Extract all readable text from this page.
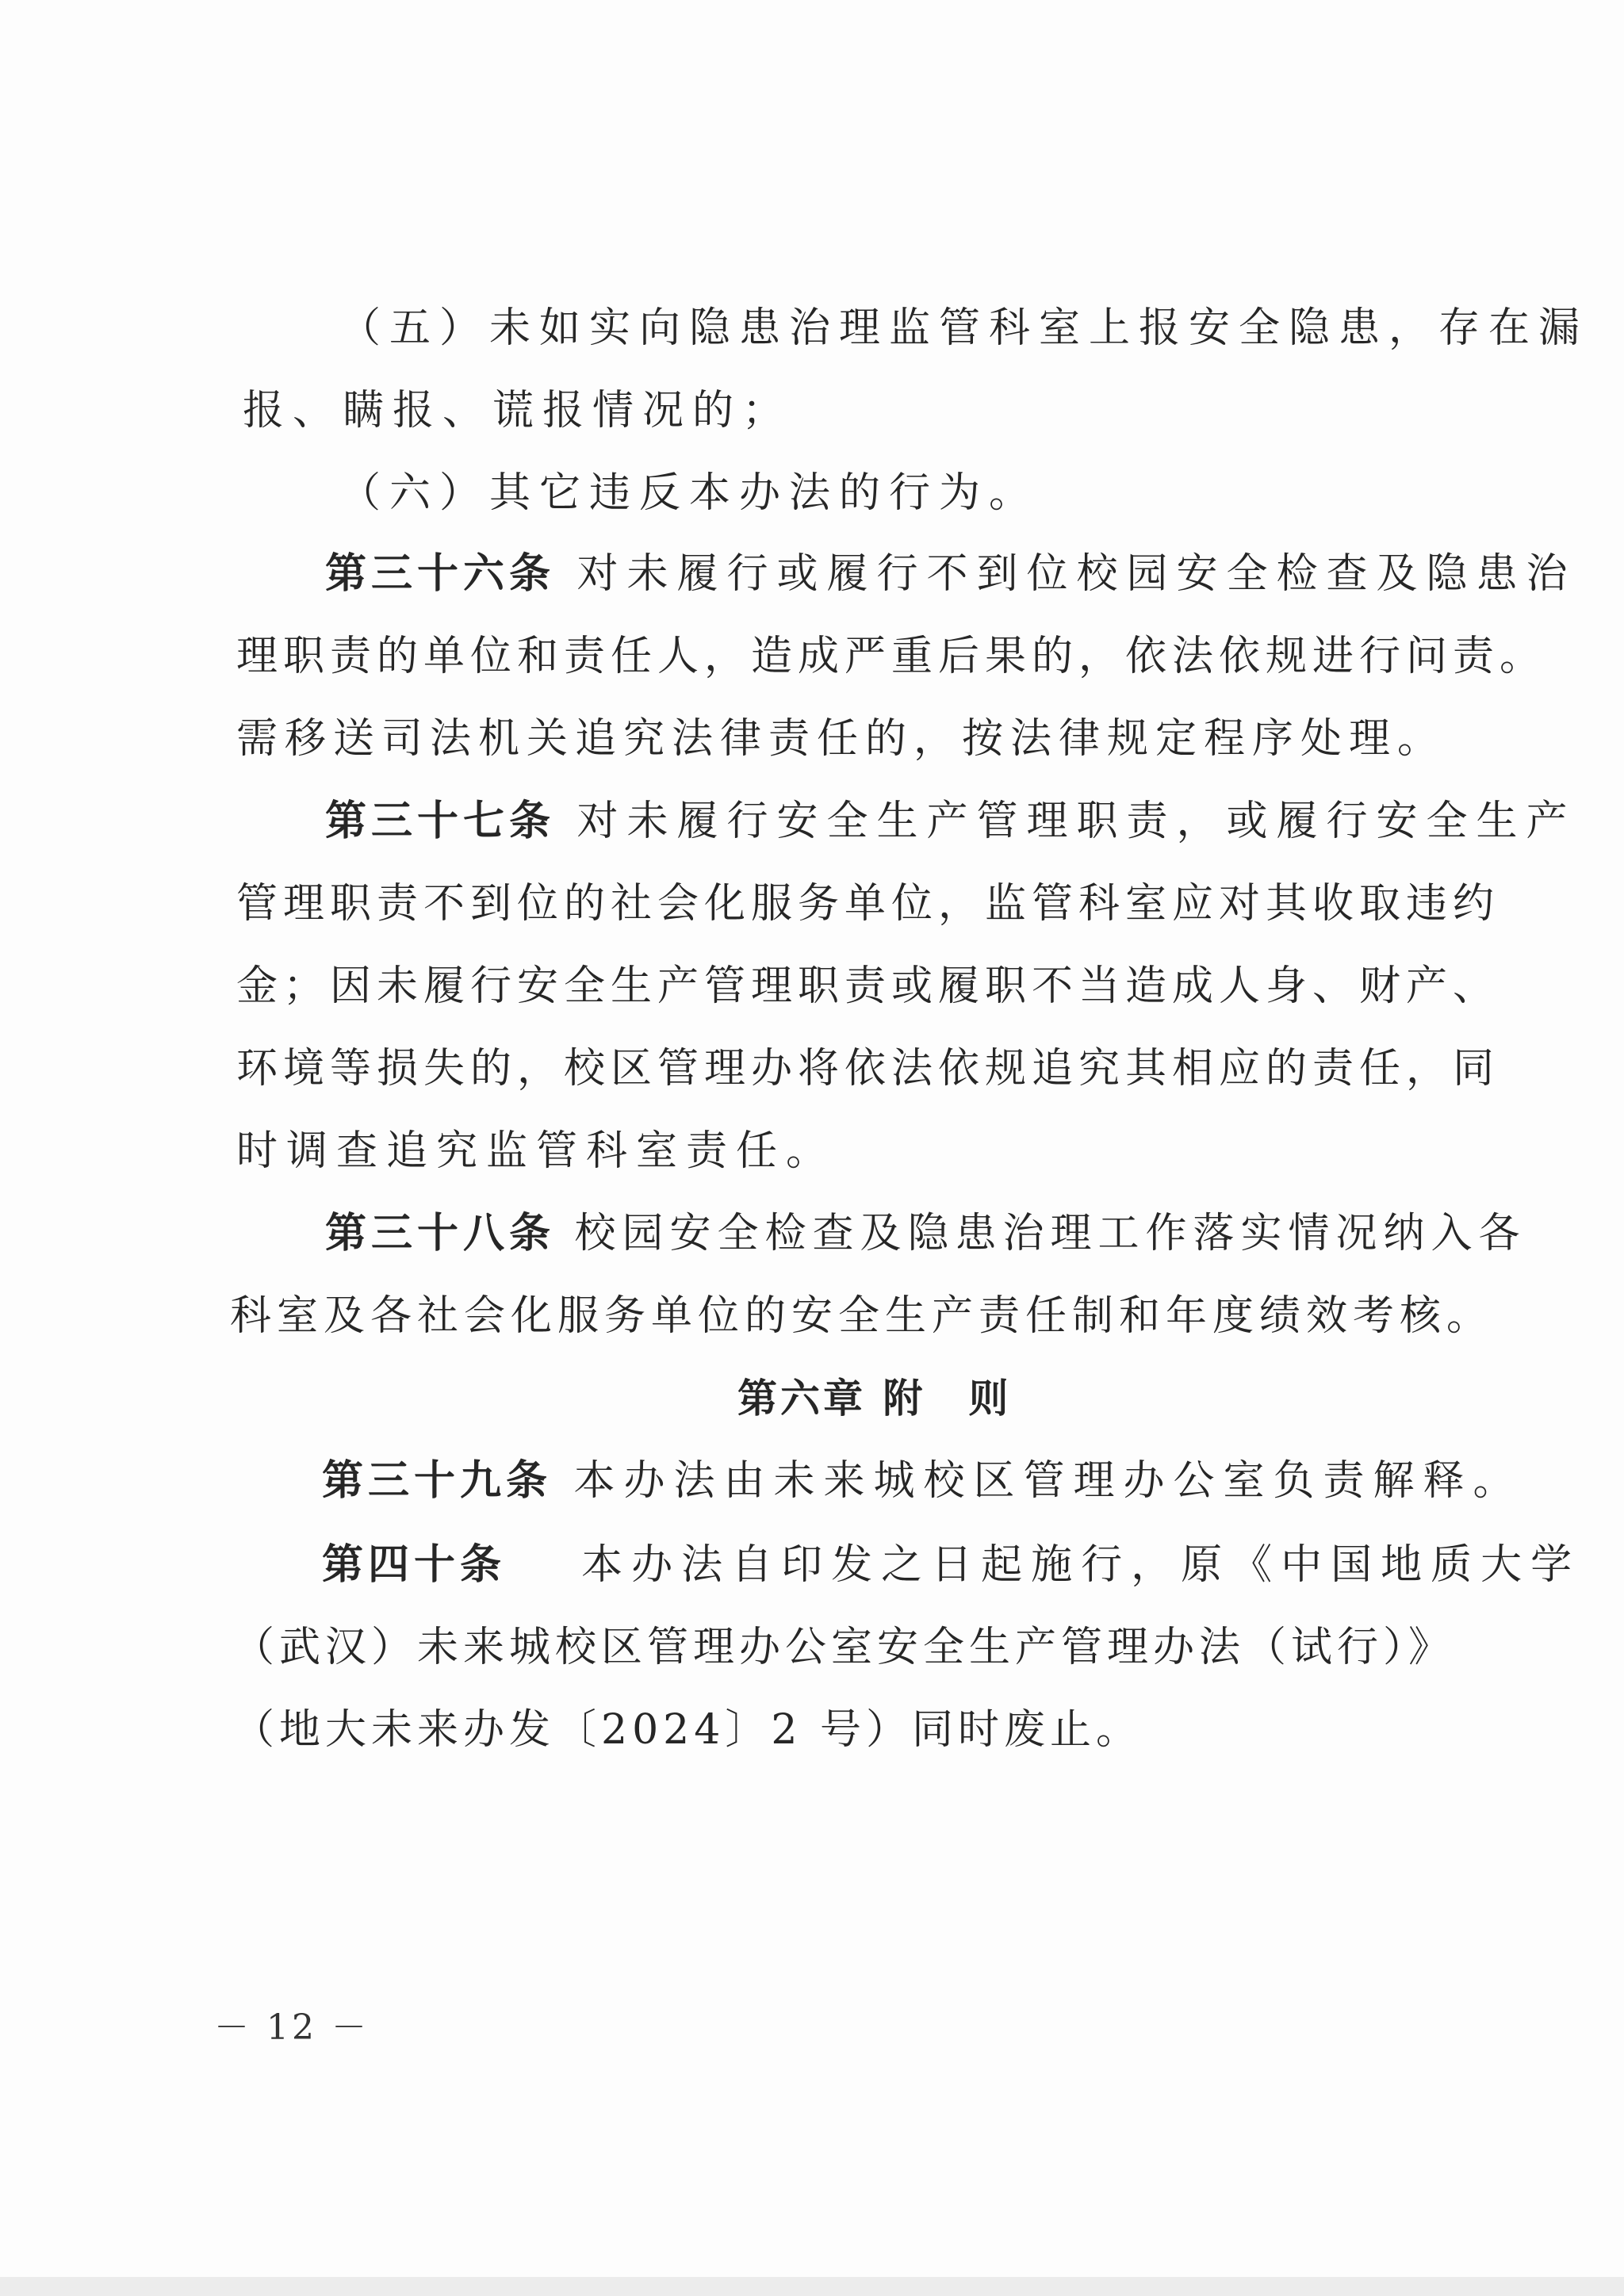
（五）未如实向隐患治理监管科室上报安全隐患，存在漏
报、瞒报、谎报情况的；
（六）其它违反本办法的行为。
第三十六条 对未履行或履行不到位校园安全检查及隐患治
理职责的单位和责任人，造成严重后果的，依法依规进行问责。
需移送司法机关追究法律责任的，按法律规定程序处理。
第三十七条 对未履行安全生产管理职责，或履行安全生产
管理职责不到位的社会化服务单位，监管科室应对其收取违约
金；因未履行安全生产管理职责或履职不当造成人身、财产、
环境等损失的，校区管理办将依法依规追究其相应的责任，同
时调查追究监管科室责任。
第三十八条 校园安全检查及隐患治理工作落实情况纳入各
科室及各社会化服务单位的安全生产责任制和年度绩效考核。
第六章 附　则
第三十九条 本办法由未来城校区管理办公室负责解释。
第四十条 本办法自印发之日起施行，原《中国地质大学
（武汉）未来城校区管理办公室安全生产管理办法（试行）》
（地大未来办发〔2024〕2 号）同时废止。
－ 12 －
